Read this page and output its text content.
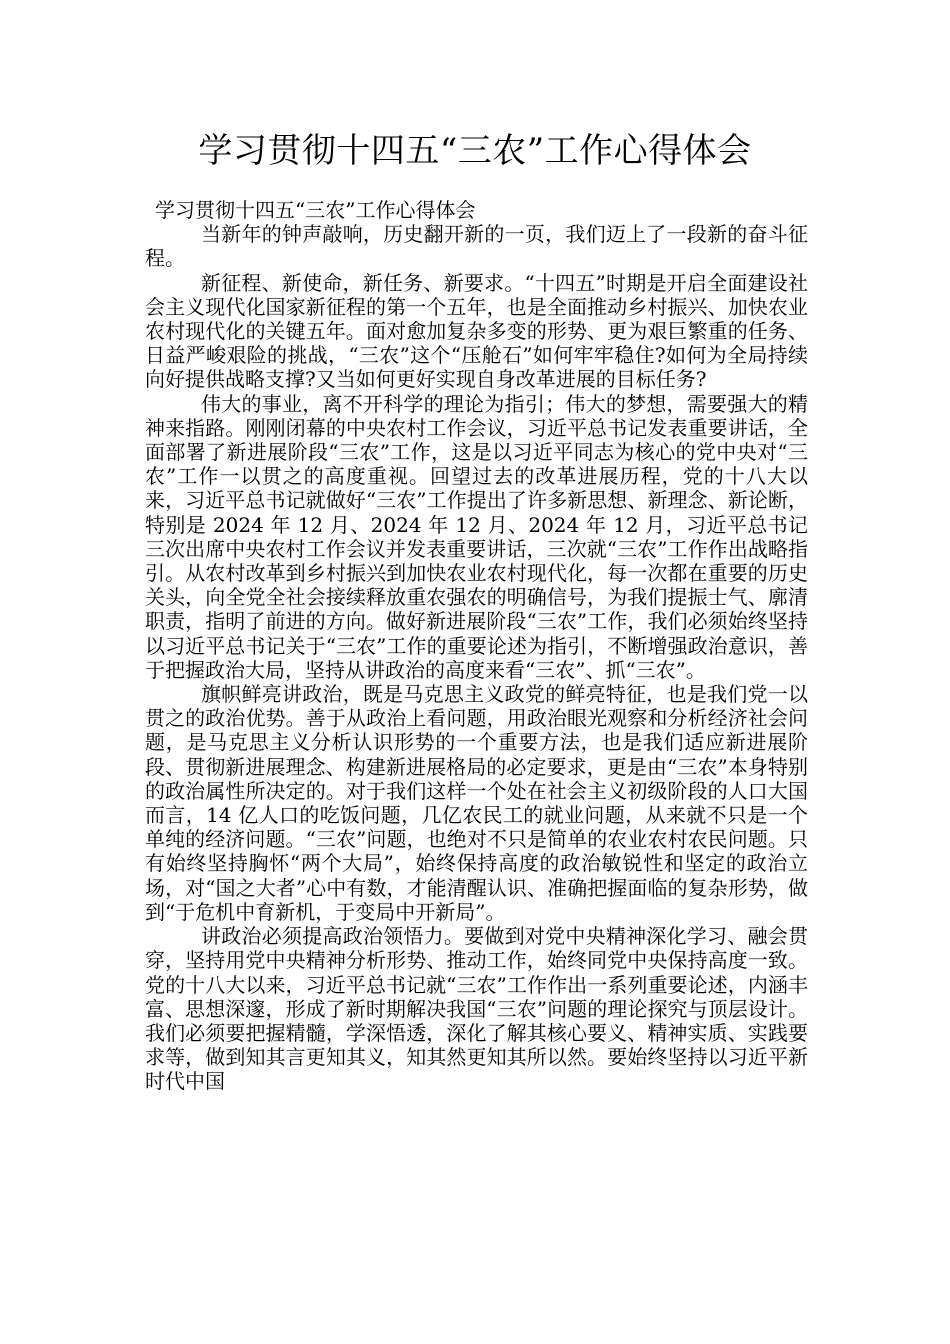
学习贯彻十四五“三农”工作心得体会

学习贯彻十四五“三农”工作心得体会

当新年的钟声敲响，历史翻开新的一页，我们迈上了一段新的奋斗征程。

新征程、新使命，新任务、新要求。“十四五”时期是开启全面建设社会主义现代化国家新征程的第一个五年，也是全面推动乡村振兴、加快农业农村现代化的关键五年。面对愈加复杂多变的形势、更为艰巨繁重的任务、日益严峻艰险的挑战，“三农”这个“压舱石”如何牢牢稳住?如何为全局持续向好提供战略支撑?又当如何更好实现自身改革进展的目标任务?

伟大的事业，离不开科学的理论为指引；伟大的梦想，需要强大的精神来指路。刚刚闭幕的中央农村工作会议，习近平总书记发表重要讲话，全面部署了新进展阶段“三农”工作，这是以习近平同志为核心的党中央对“三农”工作一以贯之的高度重视。回望过去的改革进展历程，党的十八大以来，习近平总书记就做好“三农”工作提出了许多新思想、新理念、新论断，特别是 2024 年 12 月、2024 年 12 月、2024 年 12 月，习近平总书记三次出席中央农村工作会议并发表重要讲话，三次就“三农”工作作出战略指引。从农村改革到乡村振兴到加快农业农村现代化，每一次都在重要的历史关头，向全党全社会接续释放重农强农的明确信号，为我们提振士气、廓清职责，指明了前进的方向。做好新进展阶段“三农”工作，我们必须始终坚持以习近平总书记关于“三农”工作的重要论述为指引，不断增强政治意识，善于把握政治大局，坚持从讲政治的高度来看“三农”、抓“三农”。

旗帜鲜亮讲政治，既是马克思主义政党的鲜亮特征，也是我们党一以贯之的政治优势。善于从政治上看问题，用政治眼光观察和分析经济社会问题，是马克思主义分析认识形势的一个重要方法，也是我们适应新进展阶段、贯彻新进展理念、构建新进展格局的必定要求，更是由“三农”本身特别的政治属性所决定的。对于我们这样一个处在社会主义初级阶段的人口大国而言，14 亿人口的吃饭问题，几亿农民工的就业问题，从来就不只是一个单纯的经济问题。“三农”问题，也绝对不只是简单的农业农村农民问题。只有始终坚持胸怀“两个大局”，始终保持高度的政治敏锐性和坚定的政治立场，对“国之大者”心中有数，才能清醒认识、准确把握面临的复杂形势，做到“于危机中育新机，于变局中开新局”。

讲政治必须提高政治领悟力。要做到对党中央精神深化学习、融会贯穿，坚持用党中央精神分析形势、推动工作，始终同党中央保持高度一致。党的十八大以来，习近平总书记就“三农”工作作出一系列重要论述，内涵丰富、思想深邃，形成了新时期解决我国“三农”问题的理论探究与顶层设计。我们必须要把握精髓，学深悟透，深化了解其核心要义、精神实质、实践要求等，做到知其言更知其义，知其然更知其所以然。要始终坚持以习近平新时代中国
